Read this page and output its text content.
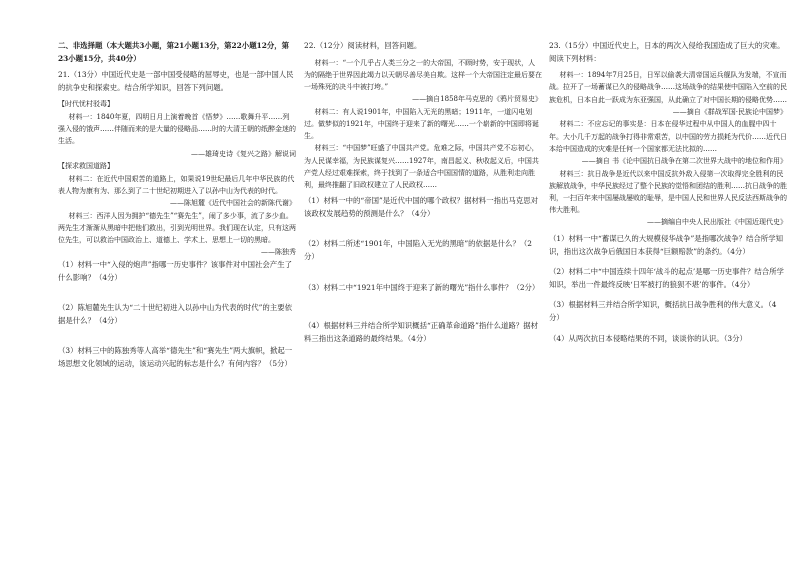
二、非选择题（本大题共3小题，第21小题13分，第22小题12分，第23小题15分，共40分）

21.（13分）中国近代史是一部中国受侵略的屈辱史，也是一部中国人民的抗争史和探索史。结合所学知识，回答下列问题。

【时代忧村驳毒】

材料一：1840年夏，四明日月上演着晚首《悟梦》……歌舞升平……列强入侵的饿声……伴随而来的是大量的侵略品……时的大清王朝的纸醉金迷的生活。

——雄琦史诗《复兴之路》解说词

【探求救国道路】

材料二：在近代中国艰苦的道路上，如果说19世纪最后几年中华民族的代表人物为康有为、那么到了二十世纪初期进入了以孙中山为代表的时代。

——陈旭麓《近代中国社会的新陈代谢》

材料三：西洋人因为拥护“德先生”“赛先生”，闹了多少事，流了多少血。两先生才渐渐从黑暗中把他们救出，引到光明世界。我们现在认定，只有这两位先生，可以救治中国政治上、道德上、学术上、思想上一切的黑暗。

——陈独秀

（1）材料一中“入侵的炮声”指哪一历史事件？该事件对中国社会产生了什么影响？（4分）

（2）陈旭麓先生认为“二十世纪初进入以孙中山为代表的时代”的主要依据是什么？（4分）

（3）材料三中的陈独秀等人高举“德先生”和“赛先生”两大旗帜，掀起一场思想文化领域的运动，该运动兴起的标志是什么？有何内容？（5分）

22.（12分）阅读材料，回答问题。

材料一：“一个几乎占人类三分之一的大帝国，不顾时势，安于现状，人为的隔绝于世界因此竭力以天朝尽善尽美自欺。这样一个大帝国注定最后要在一场殊死的决斗中被打垮。”

——摘自1858年马克思的《鸦片贸易史》

材料二：有人说1901年，中国陷入无光的黑暗；1911年，一道闪电划过。做梦似的1921年，中国终于迎来了新的曙光……一个崭新的中国即将诞生。

材料三：“中国梦”旺盛了中国共产党。危难之际，中国共产党不忘初心，为人民谋幸福，为民族谋复兴……1927年，南昌起义、秋收起义后，中国共产党人经过艰难探索，终于找到了一条适合中国国情的道路，从胜利走向胜利，最终推翻了旧政权建立了人民政权……

（1）材料一中的“帝国”是近代中国的哪个政权？据材料一指出马克思对该政权发展趋势的预测是什么？（4分）

（2）材料二所述“1901年，中国陷入无光的黑暗”的依据是什么？（2分）

（3）材料二中“1921年中国终于迎来了新的曙光”指什么事件？（2分）

（4）根据材料三并结合所学知识概括“正确革命道路”指什么道路？据材料三指出这条道路的最终结果。（4分）

23.（15分）中国近代史上，日本的两次入侵给我国造成了巨大的灾难。阅读下列材料：

材料一：1894年7月25日，日军以偷袭大清帝国运兵舰队为发端，不宣而战。拉开了一场蓄谋已久的侵略战争……这场战争的结果使中国陷入空前的民族危机，日本自此一跃成为东亚强国，从此确立了对中国长期的侵略优势……

——摘自《群战军国·民族论中国梦》

材料二：不应忘记的事实是：日本在侵华过程中从中国人的血腥中四十年。大小几千万起的战争打得非常艰苦，以中国的劳力损耗为代价……近代日本给中国造成的灾难是任何一个国家都无法比拟的……

——摘自 书《论中国抗日战争在第二次世界大战中的地位和作用》

材料三：抗日战争是近代以来中国反抗外敌入侵第一次取得完全胜利的民族解放战争，中华民族经过了整个民族的觉悟和团结的胜利……抗日战争的胜利，一扫百年来中国屡战屡败的耻辱，是中国人民和世界人民反法西斯战争的伟大胜利。

——摘编自中央人民出版社《中国近现代史》

（1）材料一中“蓄谋已久的大规模侵华战争”是指哪次战争？结合所学知识，指出这次战争后俄国日本获得“巨额赔款”的条约。（4分）

（2）材料二中“中国连续十四年‘战斗的起点’是哪一历史事件？结合所学知识，举出一件最终反映‘日军被打的狼狈不堪’的事件。（4分）

（3）根据材料三并结合所学知识，概括抗日战争胜利的伟大意义。（4分）

（4）从两次抗日本侵略结果的不同，谈谈你的认识。（3分）
